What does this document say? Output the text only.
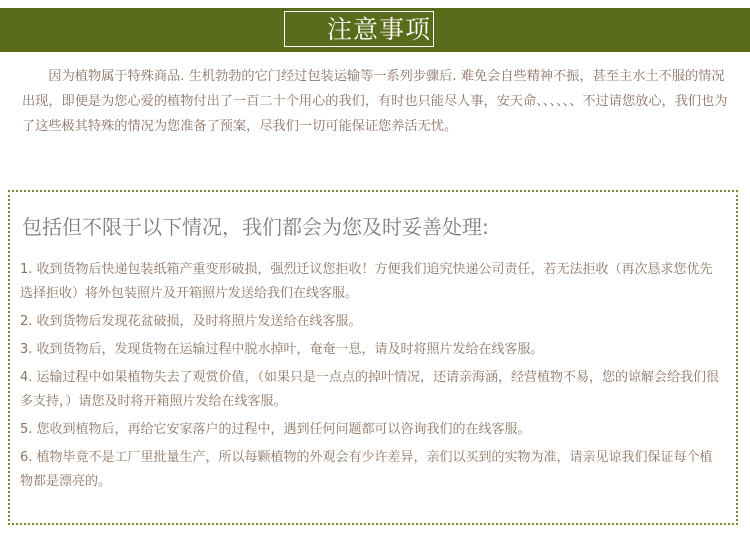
注意事项

因为植物属于特殊商品. 生机勃勃的它门经过包装运输等一系列步骤后. 难免会自些精神不振，甚至主水土不服的情况出现，即便是为您心爱的植物付出了一百二十个用心的我们，有时也只能尽人事，安天命、、、、、、不过请您放心，我们也为了这些极其特殊的情况为您准备了预案，尽我们一切可能保证您养活无忧。

包括但不限于以下情况，我们都会为您及时妥善处理:
1. 收到货物后快递包装纸箱产重变形破损，强烈迁议您拒收！方便我们追究快递公司责任，若无法拒收（再次恳求您优先选择拒收）将外包装照片及开箱照片发送给我们在线客服。
2. 收到货物后发现花盆破损，及时将照片发送给在线客服。
3. 收到货物后，发现货物在运输过程中脱水掉叶，奄奄一息，请及时将照片发给在线客服。
4. 运输过程中如果植物失去了观赏价值，（如果只是一点点的掉叶情况，还请亲海涵，经营植物不易，您的谅解会给我们很多支持，）请您及时将开箱照片发给在线客服。
5. 您收到植物后，再给它安家落户的过程中，遇到任何问题都可以咨询我们的在线客服。
6. 植物毕竟不是工厂里批量生产，所以每颗植物的外观会有少许差异，亲们以买到的实物为准，请亲见谅我们保证每个植物都是漂亮的。
